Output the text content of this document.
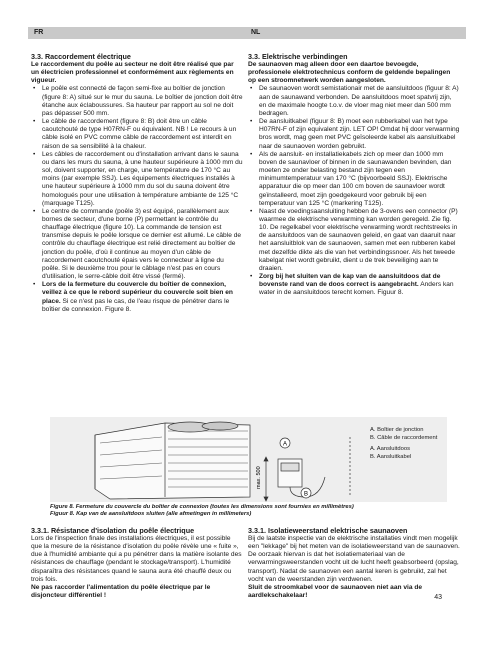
FR	NL
3.3. Raccordement électrique

Le raccordement du poêle au secteur ne doit être réalisé que par un électricien professionnel et conformément aux règlements en vigueur.

• Le poêle est connecté de façon semi-fixe au boîtier de jonction (figure 8: A) situé sur le mur du sauna. Le boîtier de jonction doit être étanche aux éclaboussures. Sa hauteur par rapport au sol ne doit pas dépasser 500 mm.
• Le câble de raccordement (figure 8: B) doit être un câble caoutchouté de type H07RN-F ou équivalent. NB ! Le recours à un câble isolé en PVC comme câble de raccordement est interdit en raison de sa sensibilité à la chaleur.
• Les câbles de raccordement ou d'installation arrivant dans le sauna ou dans les murs du sauna, à une hauteur supérieure à 1000 mm du sol, doivent supporter, en charge, une température de 170 °C au moins (par exemple SSJ). Les équipements électriques installés à une hauteur supérieure à 1000 mm du sol du sauna doivent être homologués pour une utilisation à température ambiante de 125 °C (marquage T125).
• Le centre de commande (poêle 3) est équipé, parallèlement aux bornes de secteur, d'une borne (P) permettant le contrôle du chauffage électrique (figure 10). La commande de tension est transmise depuis le poêle lorsque ce dernier est allumé. Le câble de contrôle du chauffage électrique est relié directement au boîtier de jonction du poêle, d'où il continue au moyen d'un câble de raccordement caoutchouté épais vers le connecteur à ligne du poêle. Si le deuxième trou pour le câblage n'est pas en cours d'utilisation, le serre-câble doit être vissé (fermé).
• Lors de la fermeture du couvercle du boîtier de connexion, veillez à ce que le rebord supérieur du couvercle soit bien en place. Si ce n'est pas le cas, de l'eau risque de pénétrer dans le boîtier de connexion. Figure 8.
3.3. Elektrische verbindingen

De saunaoven mag alleen door een daartoe bevoegde, professionele elektrotechnicus conform de geldende bepalingen op een stroomnetwerk worden aangesloten.

• De saunaoven wordt semistationair met de aansluitdoos (figuur 8: A) aan de saunawand verbonden. De aansluitdoos moet spatvrij zijn, en de maximale hoogte t.o.v. de vloer mag niet meer dan 500 mm bedragen.
• De aansluitkabel (figuur 8: B) moet een rubberkabel van het type H07RN-F of zijn equivalent zijn. LET OP! Omdat hij door verwarming bros wordt, mag geen met PVC geïsoleerde kabel als aansluitkabel naar de saunaoven worden gebruikt.
• Als de aansluit- en installatiekabels zich op meer dan 1000 mm boven de saunavloer of binnen in de saunawanden bevinden, dan moeten ze onder belasting bestand zijn tegen een minimumtemperatuur van 170 °C (bijvoorbeeld SSJ). Elektrische apparatuur die op meer dan 100 cm boven de saunavloer wordt geïnstalleerd, moet zijn goedgekeurd voor gebruik bij een temperatuur van 125 °C (markering T125).
• Naast de voedingsaansluiting hebben de 3-ovens een connector (P) waarmee de elektrische verwarming kan worden geregeld. Zie fig. 10. De regelkabel voor elektrische verwarming wordt rechtstreeks in de aansluitdoos van de saunaoven geleid, en gaat van daaruit naar het aansluitblok van de saunaoven, samen met een rubberen kabel met dezelfde dikte als die van het verbindingssnoer. Als het tweede kabelgat niet wordt gebruikt, dient u de trek beveiliging aan te draaien.
• Zorg bij het sluiten van de kap van de aansluitdoos dat de bovenste rand van de doos correct is aangebracht. Anders kan water in de aansluitdoos terecht komen. Figuur 8.
A
B
max. 500
A. Boîtier de jonction
B. Câble de raccordement
A. Aansluitdoos
B. Aansluitkabel
Figure 8. Fermeture du couvercle du boîtier de connexion (toutes les dimensions sont fournies en millimètres)
Figuur 8. Kap van de aansluitdoos sluiten (alle afmetingen in millimeters)
3.3.1. Résistance d'isolation du poêle électrique

Lors de l'inspection finale des installations électriques, il est possible que la mesure de la résistance d'isolation du poêle révèle une « fuite », due à l'humidité ambiante qui a pu pénétrer dans la matière isolante des résistances de chauffage (pendant le stockage/transport). L'humidité disparaîtra des résistances quand le sauna aura été chauffé deux ou trois fois.

Ne pas raccorder l'alimentation du poêle électrique par le disjoncteur différentiel !

3.3.1. Isolatieweerstand elektrische saunaoven

Bij de laatste inspectie van de elektrische installaties vindt men mogelijk een "lekkage" bij het meten van de isolatieweerstand van de saunaoven. De oorzaak hiervan is dat het isolatiemateriaal van de verwarmingsweerstanden vocht uit de lucht heeft geabsorbeerd (opslag, transport). Nadat de saunaoven een aantal keren is gebruikt, zal het vocht van de weerstanden zijn verdwenen.

Sluit de stroomkabel voor de saunaoven niet aan via de aardlekschakelaar!	43
